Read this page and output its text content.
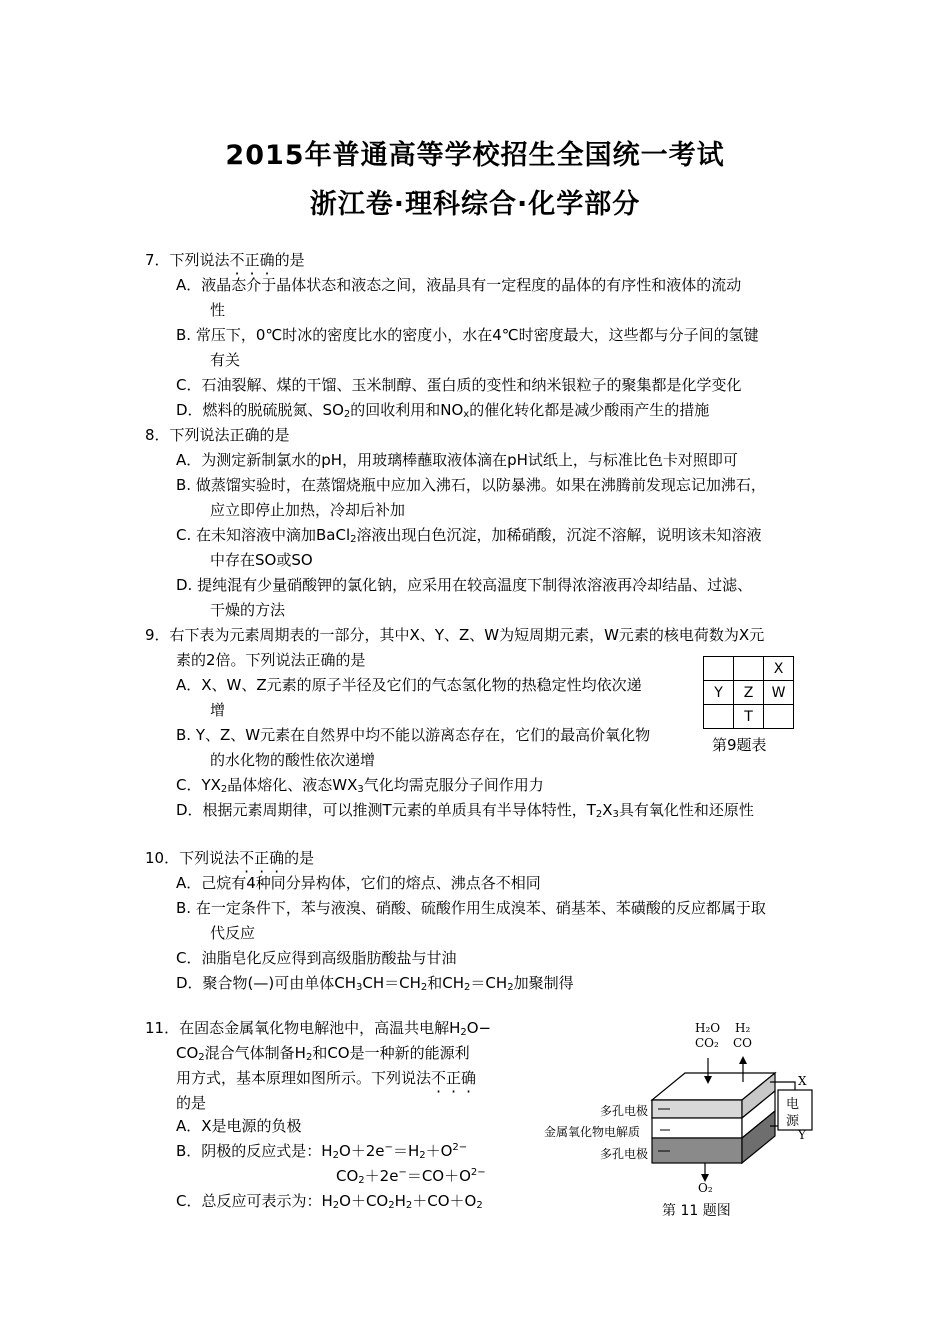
2015年普通高等学校招生全国统一考试
浙江卷·理科综合·化学部分
7．下列说法不正确的是
A．液晶态介于晶体状态和液态之间，液晶具有一定程度的晶体的有序性和液体的流动
性
B. 常压下，0℃时冰的密度比水的密度小，水在4℃时密度最大，这些都与分子间的氢键
有关
C．石油裂解、煤的干馏、玉米制醇、蛋白质的变性和纳米银粒子的聚集都是化学变化
D．燃料的脱硫脱氮、$SO_2$的回收利用和$NO_x$的催化转化都是减少酸雨产生的措施
8．下列说法正确的是
A．为测定新制氯水的pH，用玻璃棒蘸取液体滴在pH试纸上，与标准比色卡对照即可
B. 做蒸馏实验时，在蒸馏烧瓶中应加入沸石，以防暴沸。如果在沸腾前发现忘记加沸石，
应立即停止加热，冷却后补加
C. 在未知溶液中滴加BaCl$_2$溶液出现白色沉淀，加稀硝酸，沉淀不溶解，说明该未知溶液
中存在SO或SO
D. 提纯混有少量硝酸钾的氯化钠，应采用在较高温度下制得浓溶液再冷却结晶、过滤、
干燥的方法
9．右下表为元素周期表的一部分，其中X、Y、Z、W为短周期元素，W元素的核电荷数为X元
素的2倍。下列说法正确的是
A．X、W、Z元素的原子半径及它们的气态氢化物的热稳定性均依次递
增
B. Y、Z、W元素在自然界中均不能以游离态存在，它们的最高价氧化物
的水化物的酸性依次递增
C．$YX_2$晶体熔化、液态$WX_3$气化均需克服分子间作用力
D．根据元素周期律，可以推测T元素的单质具有半导体特性，$T_2X_3$具有氧化性和还原性
		X
Y	Z	W
	T	
第9题表
10．下列说法不正确的是
A．己烷有4种同分异构体，它们的熔点、沸点各不相同
B. 在一定条件下，苯与液溴、硝酸、硫酸作用生成溴苯、硝基苯、苯磺酸的反应都属于取
代反应
C．油脂皂化反应得到高级脂肪酸盐与甘油
D．聚合物(—)可由单体$CH_3CH=CH_2$和$CH_2=CH_2$加聚制得
11．在固态金属氧化物电解池中，高温共电解$H_2O-$
$CO_2$混合气体制备$H_2$和CO是一种新的能源利
用方式，基本原理如图所示。下列说法不正确
的是
A．X是电源的负极
B．阴极的反应式是：$H_2O+2e^-=H_2+O^{2-}$
$CO_2+2e^-=CO+O^{2-}$
C．总反应可表示为：$H_2O+CO_2H_2+CO+O_2$
H₂O
CO₂
H₂
CO
多孔电极
金属氧化物电解质
多孔电极
电
源
X
Y
O₂
第 11 题图
